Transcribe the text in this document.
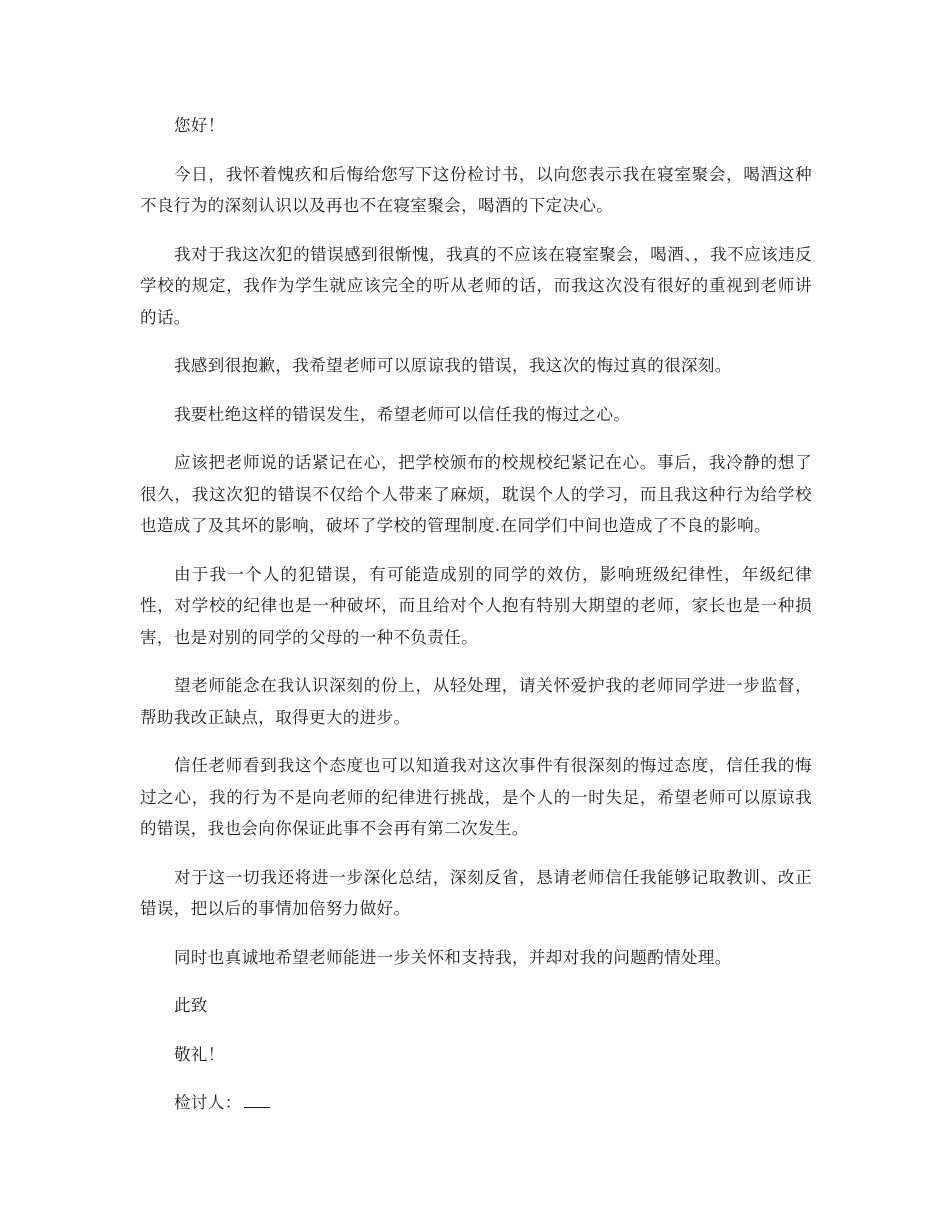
您好！

今日，我怀着愧疚和后悔给您写下这份检讨书，以向您表示我在寝室聚会，喝酒这种不良行为的深刻认识以及再也不在寝室聚会，喝酒的下定决心。

我对于我这次犯的错误感到很惭愧，我真的不应该在寝室聚会，喝酒、，我不应该违反学校的规定，我作为学生就应该完全的听从老师的话，而我这次没有很好的重视到老师讲的话。

我感到很抱歉，我希望老师可以原谅我的错误，我这次的悔过真的很深刻。

我要杜绝这样的错误发生，希望老师可以信任我的悔过之心。

应该把老师说的话紧记在心，把学校颁布的校规校纪紧记在心。事后，我冷静的想了很久，我这次犯的错误不仅给个人带来了麻烦，耽误个人的学习，而且我这种行为给学校也造成了及其坏的影响，破坏了学校的管理制度.在同学们中间也造成了不良的影响。

由于我一个人的犯错误，有可能造成别的同学的效仿，影响班级纪律性，年级纪律性，对学校的纪律也是一种破坏，而且给对个人抱有特别大期望的老师，家长也是一种损害，也是对别的同学的父母的一种不负责任。

望老师能念在我认识深刻的份上，从轻处理，请关怀爱护我的老师同学进一步监督，帮助我改正缺点，取得更大的进步。

信任老师看到我这个态度也可以知道我对这次事件有很深刻的悔过态度，信任我的悔过之心，我的行为不是向老师的纪律进行挑战，是个人的一时失足，希望老师可以原谅我的错误，我也会向你保证此事不会再有第二次发生。

对于这一切我还将进一步深化总结，深刻反省，恳请老师信任我能够记取教训、改正错误，把以后的事情加倍努力做好。

同时也真诚地希望老师能进一步关怀和支持我，并却对我的问题酌情处理。

此致

敬礼！

检讨人：
